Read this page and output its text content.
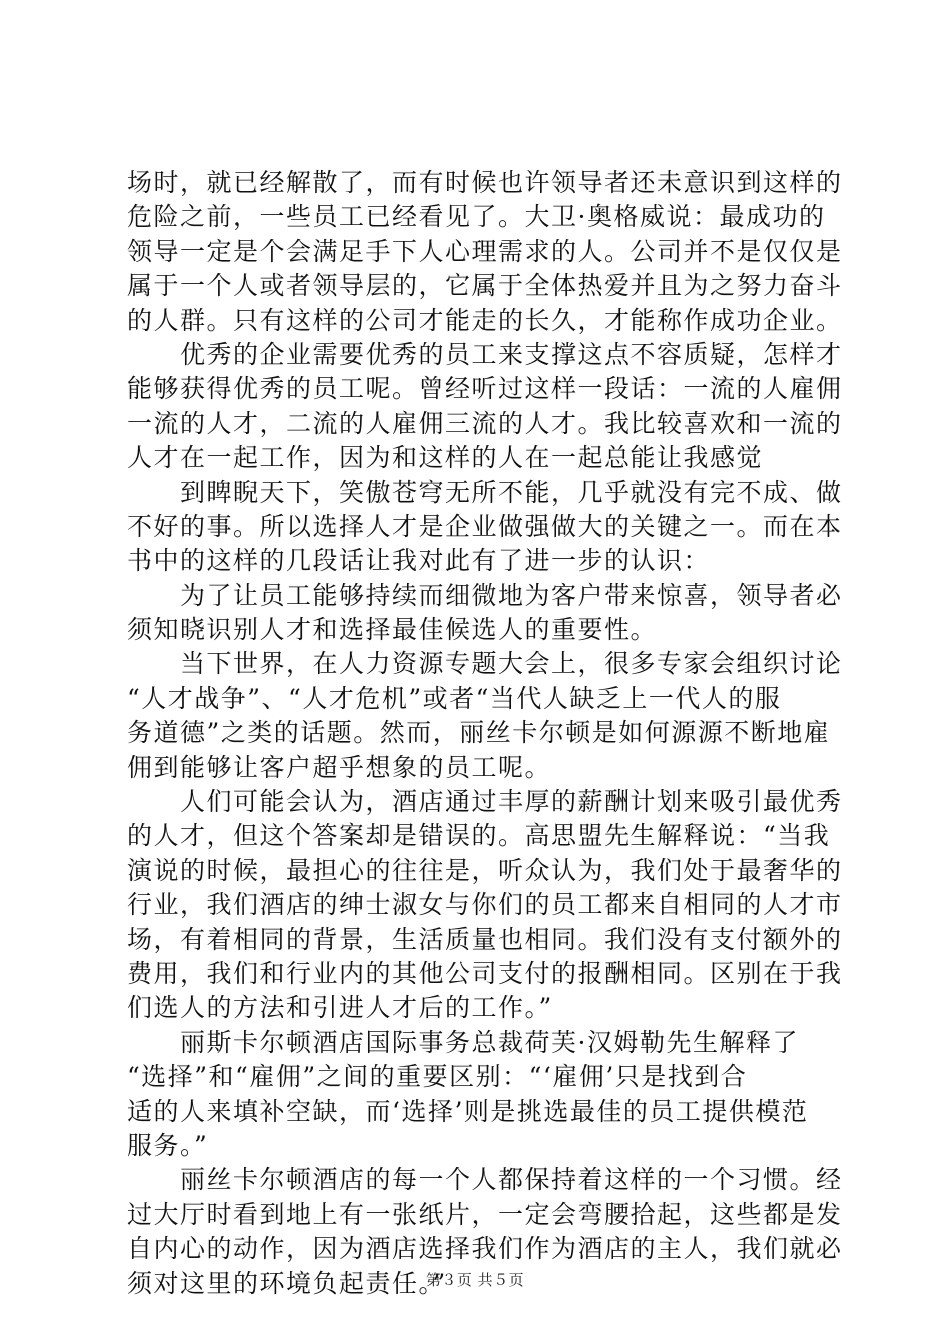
场时，就已经解散了，而有时候也许领导者还未意识到这样的
危险之前，一些员工已经看见了。大卫·奥格威说：最成功的
领导一定是个会满足手下人心理需求的人。公司并不是仅仅是
属于一个人或者领导层的，它属于全体热爱并且为之努力奋斗
的人群。只有这样的公司才能走的长久，才能称作成功企业。
　　优秀的企业需要优秀的员工来支撑这点不容质疑，怎样才
能够获得优秀的员工呢。曾经听过这样一段话：一流的人雇佣
一流的人才，二流的人雇佣三流的人才。我比较喜欢和一流的
人才在一起工作，因为和这样的人在一起总能让我感觉
　　到睥睨天下，笑傲苍穹无所不能，几乎就没有完不成、做
不好的事。所以选择人才是企业做强做大的关键之一。而在本
书中的这样的几段话让我对此有了进一步的认识：
　　为了让员工能够持续而细微地为客户带来惊喜，领导者必
须知晓识别人才和选择最佳候选人的重要性。
　　当下世界，在人力资源专题大会上，很多专家会组织讨论
“人才战争”、“人才危机”或者“当代人缺乏上一代人的服
务道德”之类的话题。然而，丽丝卡尔顿是如何源源不断地雇
佣到能够让客户超乎想象的员工呢。
　　人们可能会认为，酒店通过丰厚的薪酬计划来吸引最优秀
的人才，但这个答案却是错误的。高思盟先生解释说：“当我
演说的时候，最担心的往往是，听众认为，我们处于最奢华的
行业，我们酒店的绅士淑女与你们的员工都来自相同的人才市
场，有着相同的背景，生活质量也相同。我们没有支付额外的
费用，我们和行业内的其他公司支付的报酬相同。区别在于我
们选人的方法和引进人才后的工作。”
　　丽斯卡尔顿酒店国际事务总裁荷芙·汉姆勒先生解释了
“选择”和“雇佣”之间的重要区别：“‘雇佣’只是找到合
适的人来填补空缺，而‘选择’则是挑选最佳的员工提供模范
服务。”
　　丽丝卡尔顿酒店的每一个人都保持着这样的一个习惯。经
过大厅时看到地上有一张纸片，一定会弯腰拾起，这些都是发
自内心的动作，因为酒店选择我们作为酒店的主人，我们就必
须对这里的环境负起责任。”
第３页 共５页
